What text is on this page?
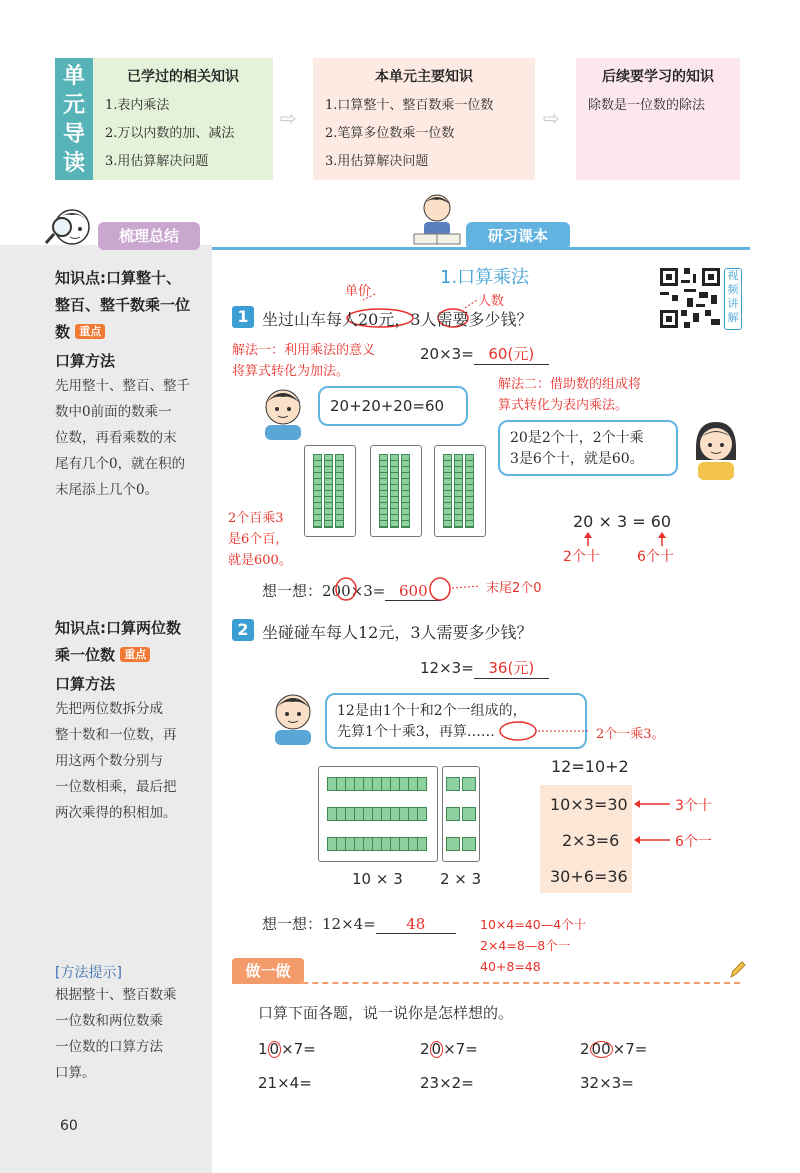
单
元
导
读
已学过的相关知识
1.表内乘法
2.万以内数的加、减法
3.用估算解决问题
⇨
本单元主要知识
1.口算整十、整百数乘一位数
2.笔算多位数乘一位数
3.用估算解决问题
⇨
后续要学习的知识
除数是一位数的除法
梳理总结
知识点:口算整十、
整百、整千数乘一位
数 重点
口算方法
先用整十、整百、整千
数中0前面的数乘一
位数，再看乘数的末
尾有几个0，就在积的
末尾添上几个0。
知识点:口算两位数
乘一位数 重点
口算方法
先把两位数拆分成
整十数和一位数，再
用这两个数分别与
一位数相乘，最后把
两次乘得的积相加。
[方法提示]
根据整十、整百数乘
一位数和两位数乘
一位数的口算方法
口算。
60
研习课本
1.口算乘法	视
频
讲
解
单价
人数
1 坐过山车每人20元，3人需要多少钱？
解法一：利用乘法的意义
将算式转化为加法。
20×3= 60(元)
20+20+20=60
解法二：借助数的组成将
算式转化为表内乘法。
20是2个十，2个十乘
3是6个十，就是60。
2个百乘3
是6个百，
就是600。
20 × 3 = 60
2个十	6个十
想一想：200×3= 600	末尾2个0
2 坐碰碰车每人12元，3人需要多少钱？
12×3= 36(元)
12是由1个十和2个一组成的，
先算1个十乘3，再算……	2个一乘3。
10 × 3 2 × 3
12=10+2
10×3=30
2×3=6
30+6=36
3个十
6个一
想一想：12×4= 48	10×4=40—4个十
2×4=8—8个一
40+8=48
做一做
口算下面各题，说一说你是怎样想的。
1 0 ×7=	2 0 ×7=	2 00 ×7=
21×4=	23×2=	32×3=
